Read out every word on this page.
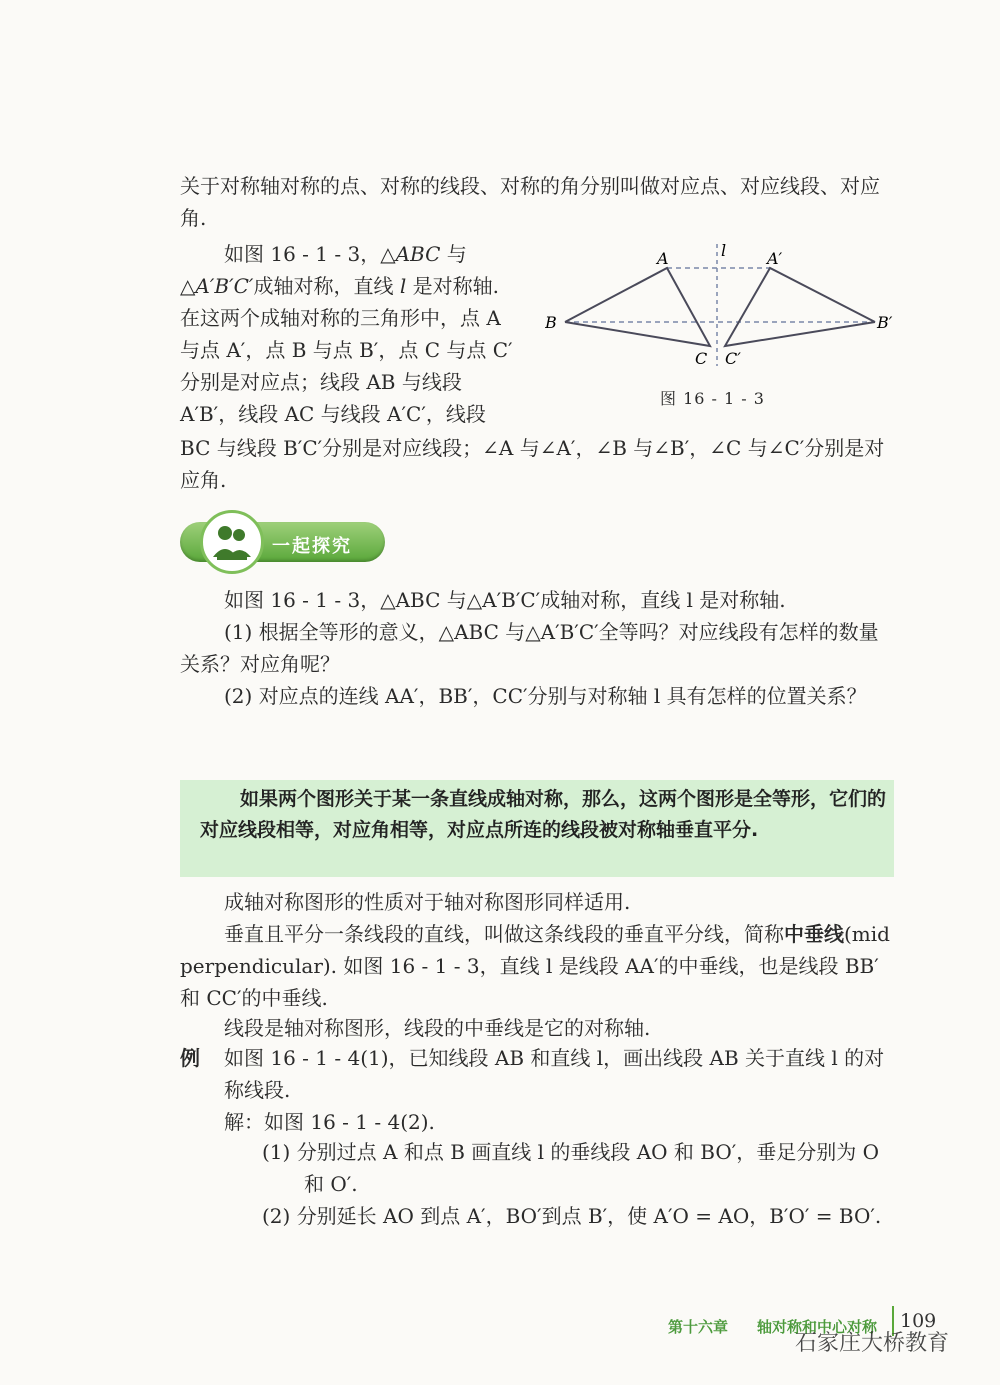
关于对称轴对称的点、对称的线段、对称的角分别叫做对应点、对应线段、对应角.

如图 16 - 1 - 3，△ABC 与△A′B′C′成轴对称，直线 l 是对称轴. 在这两个成轴对称的三角形中，点 A 与点 A′，点 B 与点 B′，点 C 与点 C′分别是对应点；线段 AB 与线段 A′B′，线段 AC 与线段 A′C′，线段

BC 与线段 B′C′分别是对应线段；∠A 与∠A′，∠B 与∠B′，∠C 与∠C′分别是对应角.

A	A′
B	B′
C C′
l
图 16 - 1 - 3
一起探究

如图 16 - 1 - 3，△ABC 与△A′B′C′成轴对称，直线 l 是对称轴.

(1) 根据全等形的意义，△ABC 与△A′B′C′全等吗？对应线段有怎样的数量关系？对应角呢？

(2) 对应点的连线 AA′，BB′，CC′分别与对称轴 l 具有怎样的位置关系？

如果两个图形关于某一条直线成轴对称，那么，这两个图形是全等形，它们的对应线段相等，对应角相等，对应点所连的线段被对称轴垂直平分.

成轴对称图形的性质对于轴对称图形同样适用.

垂直且平分一条线段的直线，叫做这条线段的垂直平分线，简称中垂线(mid perpendicular). 如图 16 - 1 - 3，直线 l 是线段 AA′的中垂线，也是线段 BB′和 CC′的中垂线.

线段是轴对称图形，线段的中垂线是它的对称轴.

例 如图 16 - 1 - 4(1)，已知线段 AB 和直线 l，画出线段 AB 关于直线 l 的对称线段.

解：如图 16 - 1 - 4(2).

(1) 分别过点 A 和点 B 画直线 l 的垂线段 AO 和 BO′，垂足分别为 O 和 O′.

(2) 分别延长 AO 到点 A′，BO′到点 B′，使 A′O = AO，B′O′ = BO′.

第十六章 轴对称和中心对称 109
石家庄大桥教育
